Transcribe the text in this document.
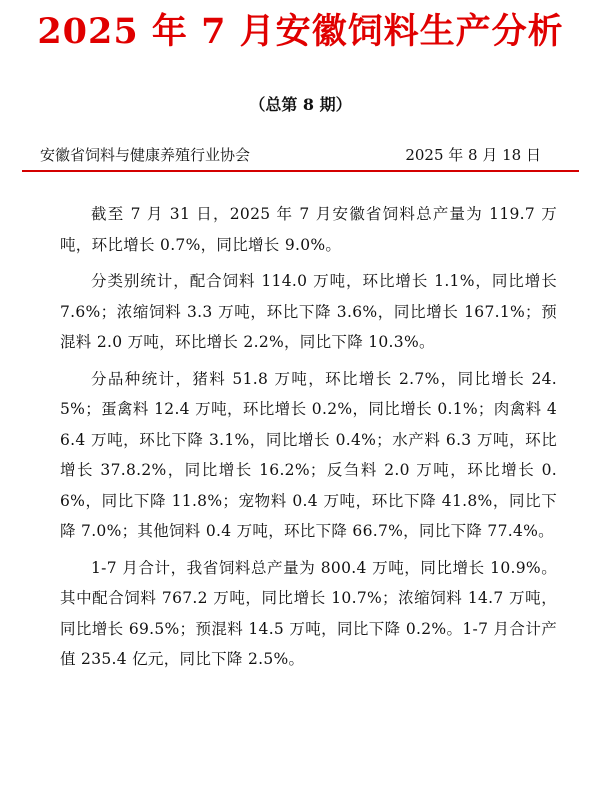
2025 年 7 月安徽饲料生产分析
（总第 8 期）
安徽省饲料与健康养殖行业协会	2025 年 8 月 18 日

截至 7 月 31 日，2025 年 7 月安徽省饲料总产量为 119.7 万吨，环比增长 0.7%，同比增长 9.0%。

分类别统计，配合饲料 114.0 万吨，环比增长 1.1%，同比增长 7.6%；浓缩饲料 3.3 万吨，环比下降 3.6%，同比增长 167.1%；预混料 2.0 万吨，环比增长 2.2%，同比下降 10.3%。

分品种统计，猪料 51.8 万吨，环比增长 2.7%，同比增长 24.5%；蛋禽料 12.4 万吨，环比增长 0.2%，同比增长 0.1%；肉禽料 46.4 万吨，环比下降 3.1%，同比增长 0.4%；水产料 6.3 万吨，环比增长 37.8.2%，同比增长 16.2%；反刍料 2.0 万吨，环比增长 0.6%，同比下降 11.8%；宠物料 0.4 万吨，环比下降 41.8%，同比下降 7.0%；其他饲料 0.4 万吨，环比下降 66.7%，同比下降 77.4%。

1-7 月合计，我省饲料总产量为 800.4 万吨，同比增长 10.9%。其中配合饲料 767.2 万吨，同比增长 10.7%；浓缩饲料 14.7 万吨，同比增长 69.5%；预混料 14.5 万吨，同比下降 0.2%。1-7 月合计产值 235.4 亿元，同比下降 2.5%。
